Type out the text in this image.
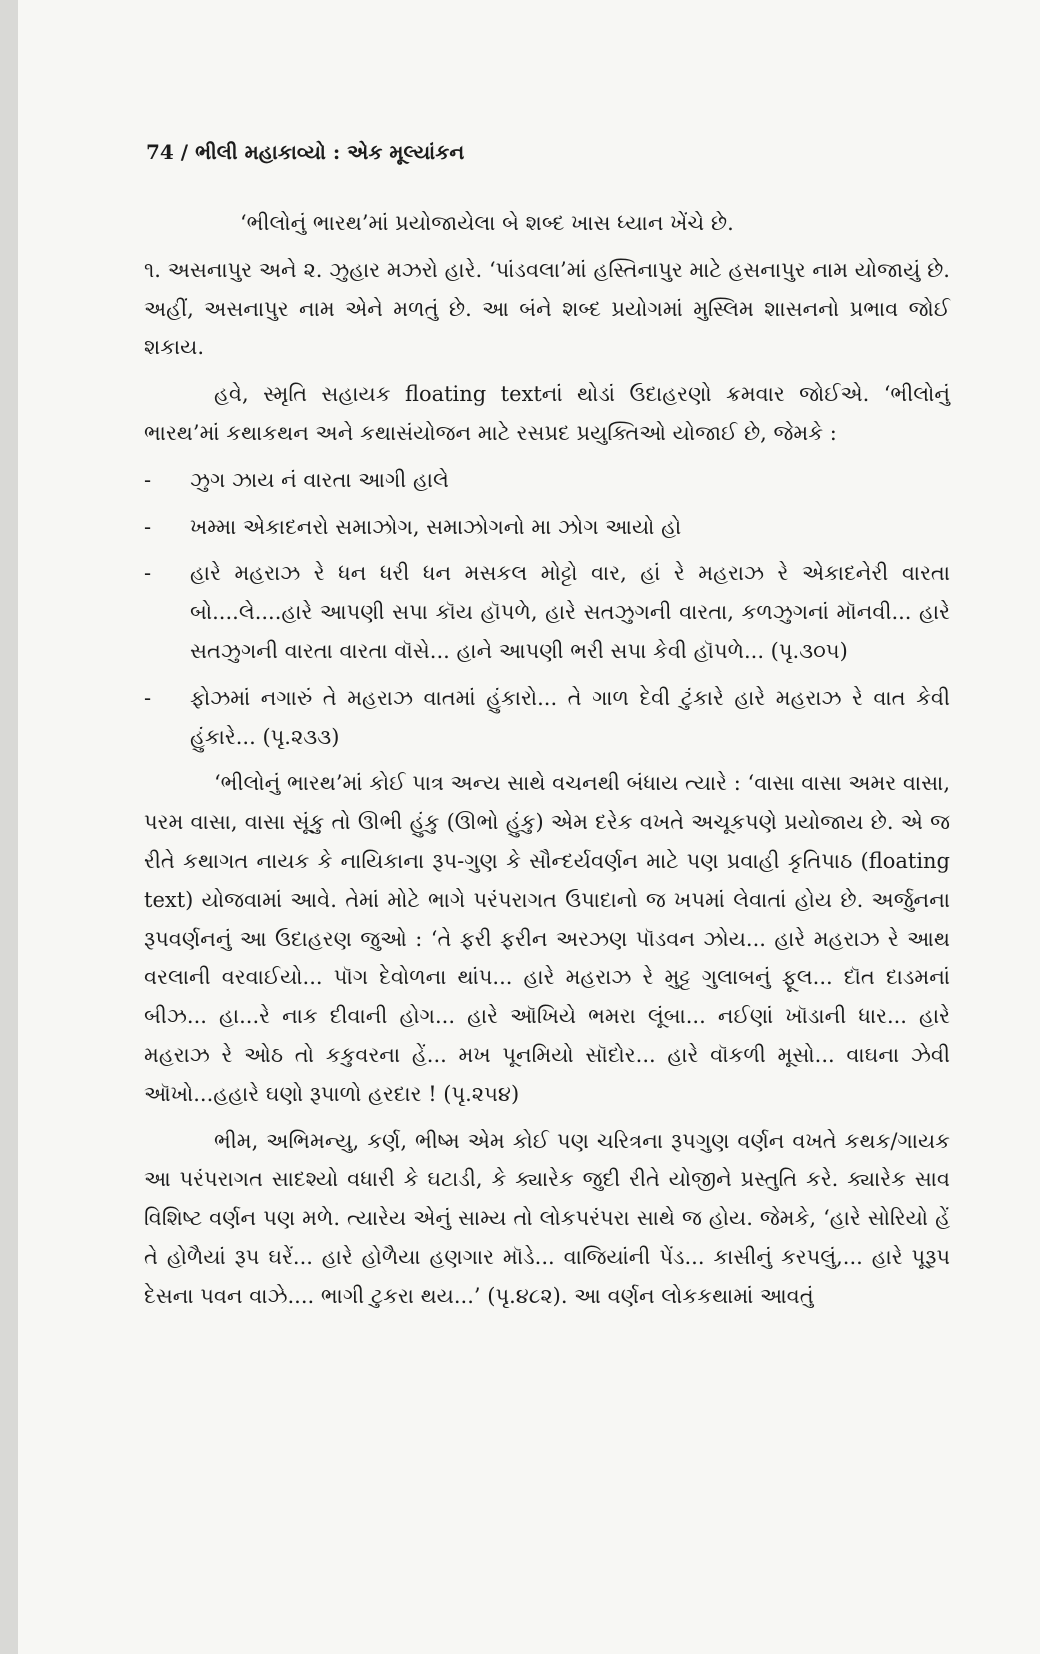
74 / ભીલી મહાકાવ્યો : એક મૂલ્યાંકન

‘ભીલોનું ભારથ’માં પ્રયોજાયેલા બે શબ્દ ખાસ ધ્યાન ખેંચે છે.

૧. અસનાપુર અને ૨. ઝુહાર મઝરો હારે. ‘પાંડવલા’માં હસ્તિનાપુર માટે હસનાપુર નામ યોજાયું છે. અહીં, અસનાપુર નામ એને મળતું છે. આ બંને શબ્દ પ્રયોગમાં મુસ્લિમ શાસનનો પ્રભાવ જોઈ શકાય.

હવે, સ્મૃતિ સહાયક floating textનાં થોડાં ઉદાહરણો ક્રમવાર જોઈએ. ‘ભીલોનું ભારથ’માં કથાકથન અને કથાસંયોજન માટે રસપ્રદ પ્રયુક્તિઓ યોજાઈ છે, જેમકે :

- ઝુગ ઝાય નં વારતા આગી હાલે
- ખમ્મા એકાદનરો સમાઝોગ, સમાઝોગનો મા ઝોગ આયો હો
- હારે મહરાઝ રે ધન ધરી ધન મસકલ મોટ્ટો વાર, હાં રે મહરાઝ રે એકાદનેરી વારતા બો....લે....હારે આપણી સપા કૉય હૉપળે, હારે સતઝુગની વારતા, કળઝુગનાં મૉનવી... હારે સતઝુગની વારતા વારતા વૉસે... હાને આપણી ભરી સપા કેવી હૉપળે... (પૃ.૩૦૫)
- ફોઝમાં નગારું તે મહરાઝ વાતમાં હુંકારો... તે ગાળ દેવી ટુંકારે હારે મહરાઝ રે વાત કેવી હુંકારે... (પૃ.૨૩૩)

‘ભીલોનું ભારથ’માં કોઈ પાત્ર અન્ય સાથે વચનથી બંધાય ત્યારે : ‘વાસા વાસા અમર વાસા, પરમ વાસા, વાસા સૂંકુ તો ઊભી હુંકુ (ઊભો હુંકુ) એમ દરેક વખતે અચૂકપણે પ્રયોજાય છે. એ જ રીતે કથાગત નાયક કે નાયિકાના રૂપ-ગુણ કે સૌન્દર્યવર્ણન માટે પણ પ્રવાહી કૃતિપાઠ (floating text) યોજવામાં આવે. તેમાં મોટે ભાગે પરંપરાગત ઉપાદાનો જ ખપમાં લેવાતાં હોય છે. અર્જુનના રૂપવર્ણનનું આ ઉદાહરણ જુઓ : ‘તે ફરી ફરીન અરઝણ પૉડવન ઝોય... હારે મહરાઝ રે આથ વરલાની વરવાઈયો... પૉગ દેવોળના થાંપ... હારે મહરાઝ રે મુટ્ટ ગુલાબનું ફૂલ... દૉત દાડમનાં બીઝ... હા...રે નાક દીવાની હોગ... હારે ઑખિયે ભમરા લૂંબા... નઈણાં ખૉડાની ધાર... હારે મહરાઝ રે ઓઠ તો કકુવરના હેં... મખ પૂનમિયો સૉદોર... હારે વૉકળી મૂસો... વાઘના ઝેવી ઑખો...હહારે ઘણો રૂપાળો હરદાર ! (પૃ.૨૫૪)

ભીમ, અભિમન્યુ, કર્ણ, ભીષ્મ એમ કોઈ પણ ચરિત્રના રૂપગુણ વર્ણન વખતે કથક/ગાયક આ પરંપરાગત સાદશ્યો વધારી કે ઘટાડી, કે ક્યારેક જુદી રીતે યોજીને પ્રસ્તુતિ કરે. ક્યારેક સાવ વિશિષ્ટ વર્ણન પણ મળે. ત્યારેય એનું સામ્ય તો લોકપરંપરા સાથે જ હોય. જેમકે, ‘હારે સોરિયો હેં તે હોળૈયાં રૂપ ઘરેં... હારે હોળૈયા હણગાર મૉડે... વાજિયાંની પેંડ... કાસીનું કરપલું,... હારે પૂરૂપ દેસના પવન વાઝે.... ભાગી ટુકરા થય...’ (પૃ.૪૮૨). આ વર્ણન લોકકથામાં આવતું
